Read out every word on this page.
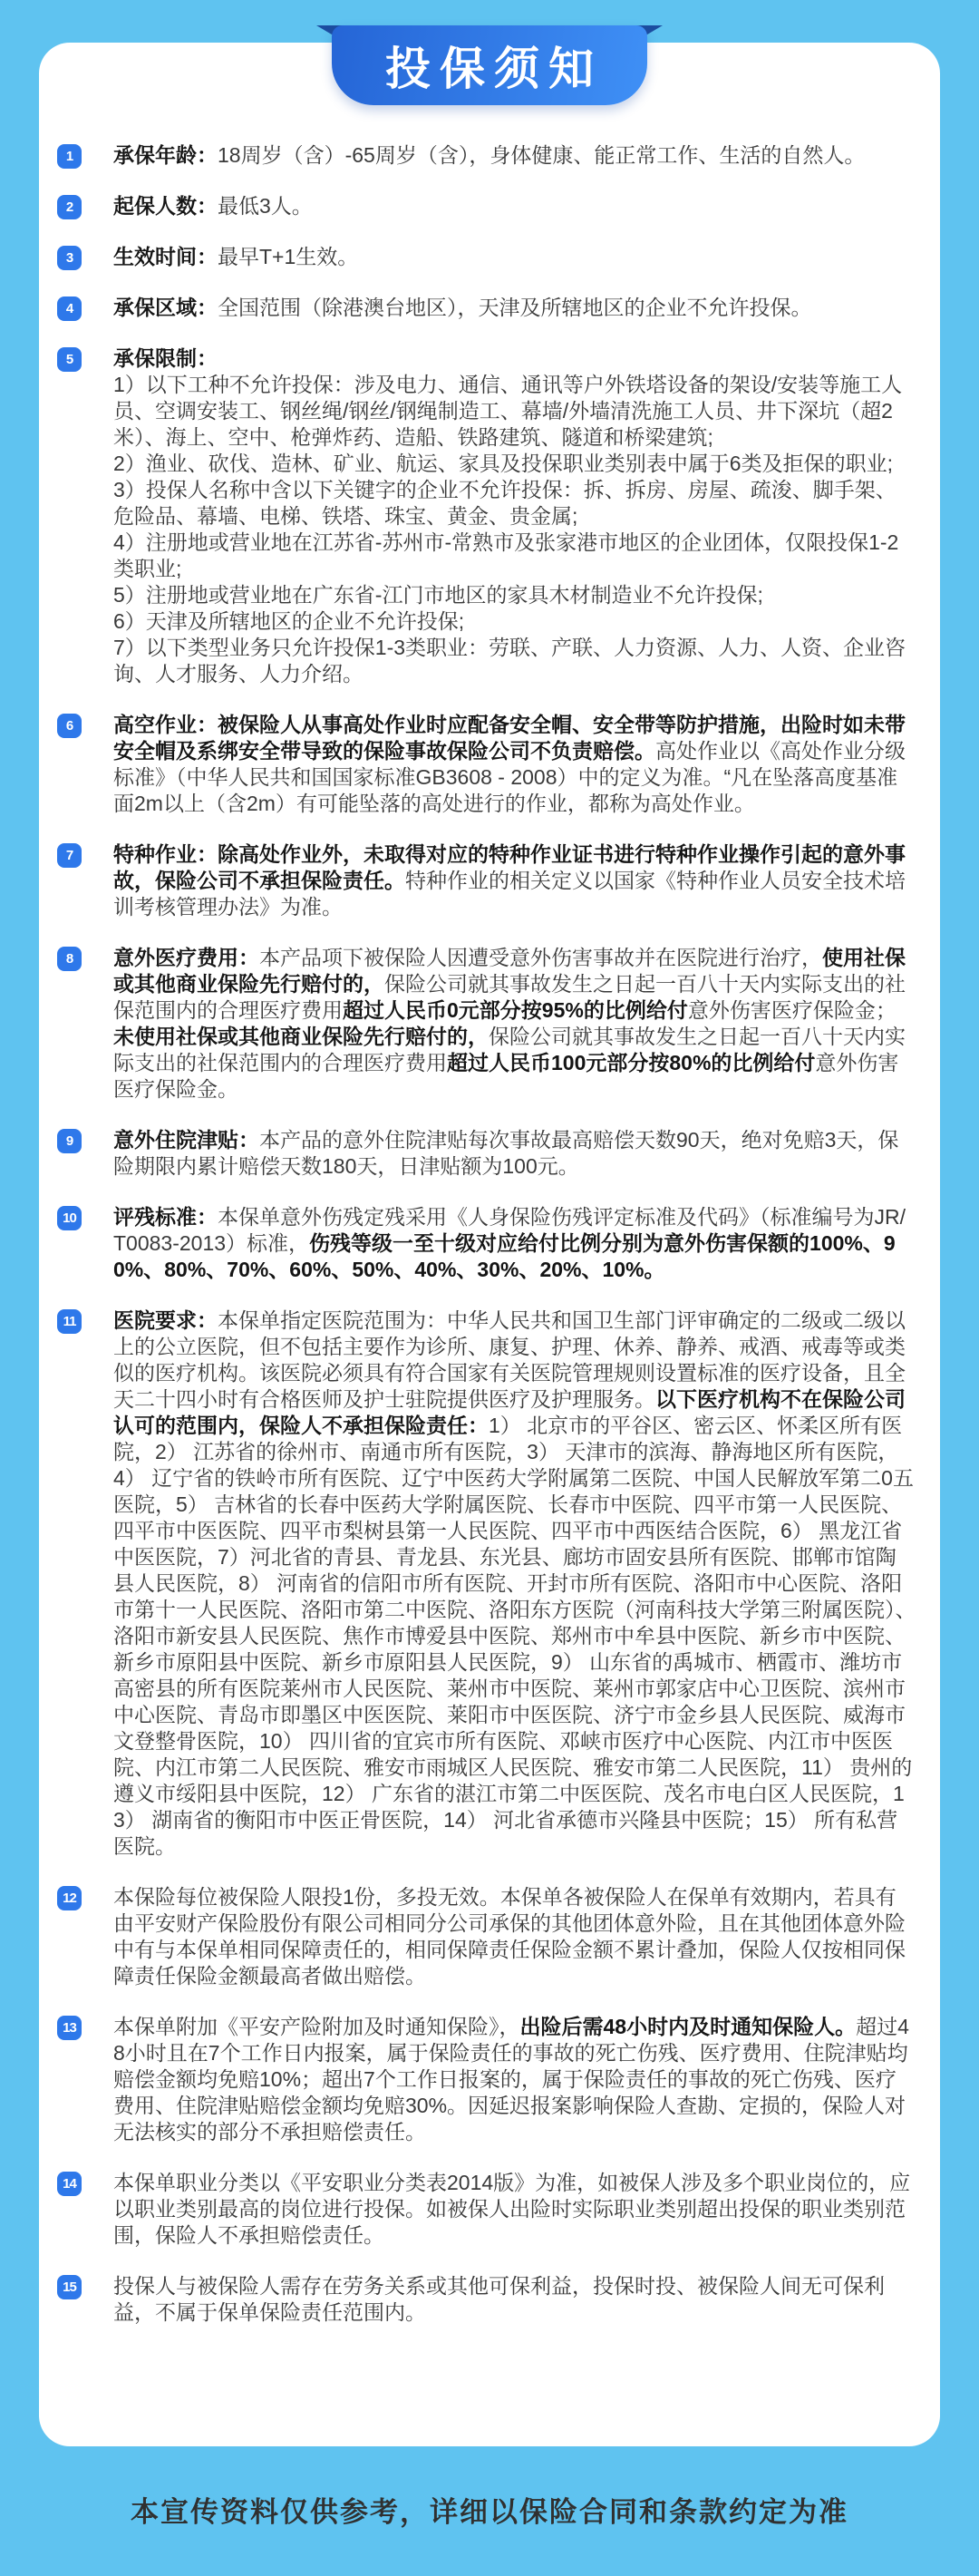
投保须知
1	承保年龄：18周岁（含）-65周岁（含），身体健康、能正常工作、生活的自然人。
2	起保人数：最低3人。
3	生效时间：最早T+1生效。
4	承保区域：全国范围（除港澳台地区），天津及所辖地区的企业不允许投保。
5	承保限制：
1）以下工种不允许投保：涉及电力、通信、通讯等户外铁塔设备的架设/安装等施工人员、空调安装工、钢丝绳/钢丝/钢绳制造工、幕墙/外墙清洗施工人员、井下深坑（超2米）、海上、空中、枪弹炸药、造船、铁路建筑、隧道和桥梁建筑;
2）渔业、砍伐、造林、矿业、航运、家具及投保职业类别表中属于6类及拒保的职业;
3）投保人名称中含以下关键字的企业不允许投保：拆、拆房、房屋、疏浚、脚手架、危险品、幕墙、电梯、铁塔、珠宝、黄金、贵金属;
4）注册地或营业地在江苏省-苏州市-常熟市及张家港市地区的企业团体，仅限投保1-2类职业;
5）注册地或营业地在广东省-江门市地区的家具木材制造业不允许投保;
6）天津及所辖地区的企业不允许投保;
7）以下类型业务只允许投保1-3类职业：劳联、产联、人力资源、人力、人资、企业咨询、人才服务、人力介绍。
6	高空作业：被保险人从事高处作业时应配备安全帽、安全带等防护措施，出险时如未带安全帽及系绑安全带导致的保险事故保险公司不负责赔偿。高处作业以《高处作业分级标准》（中华人民共和国国家标准GB3608 - 2008）中的定义为准。“凡在坠落高度基准面2m以上（含2m）有可能坠落的高处进行的作业，都称为高处作业。
7	特种作业：除高处作业外，未取得对应的特种作业证书进行特种作业操作引起的意外事故，保险公司不承担保险责任。特种作业的相关定义以国家《特种作业人员安全技术培训考核管理办法》为准。
8	意外医疗费用：本产品项下被保险人因遭受意外伤害事故并在医院进行治疗，使用社保或其他商业保险先行赔付的，保险公司就其事故发生之日起一百八十天内实际支出的社保范围内的合理医疗费用超过人民币0元部分按95%的比例给付意外伤害医疗保险金；未使用社保或其他商业保险先行赔付的，保险公司就其事故发生之日起一百八十天内实际支出的社保范围内的合理医疗费用超过人民币100元部分按80%的比例给付意外伤害医疗保险金。
9	意外住院津贴：本产品的意外住院津贴每次事故最高赔偿天数90天，绝对免赔3天，保险期限内累计赔偿天数180天，日津贴额为100元。
10 评残标准：本保单意外伤残定残采用《人身保险伤残评定标准及代码》（标准编号为JR/T0083-2013）标准，伤残等级一至十级对应给付比例分别为意外伤害保额的100%、90%、80%、70%、60%、50%、40%、30%、20%、10%。
11 医院要求：本保单指定医院范围为：中华人民共和国卫生部门评审确定的二级或二级以上的公立医院，但不包括主要作为诊所、康复、护理、休养、静养、戒酒、戒毒等或类似的医疗机构。该医院必须具有符合国家有关医院管理规则设置标准的医疗设备，且全天二十四小时有合格医师及护士驻院提供医疗及护理服务。以下医疗机构不在保险公司认可的范围内，保险人不承担保险责任：1） 北京市的平谷区、密云区、怀柔区所有医院，2） 江苏省的徐州市、南通市所有医院，3） 天津市的滨海、静海地区所有医院，4） 辽宁省的铁岭市所有医院、辽宁中医药大学附属第二医院、中国人民解放军第二0五医院，5） 吉林省的长春中医药大学附属医院、长春市中医院、四平市第一人民医院、四平市中医医院、四平市梨树县第一人民医院、四平市中西医结合医院，6） 黑龙江省中医医院，7）河北省的青县、青龙县、东光县、廊坊市固安县所有医院、邯郸市馆陶县人民医院，8） 河南省的信阳市所有医院、开封市所有医院、洛阳市中心医院、洛阳市第十一人民医院、洛阳市第二中医院、洛阳东方医院（河南科技大学第三附属医院）、洛阳市新安县人民医院、焦作市博爱县中医院、郑州市中牟县中医院、新乡市中医院、新乡市原阳县中医院、新乡市原阳县人民医院，9） 山东省的禹城市、栖霞市、潍坊市高密县的所有医院莱州市人民医院、莱州市中医院、莱州市郭家店中心卫医院、滨州市中心医院、青岛市即墨区中医医院、莱阳市中医医院、济宁市金乡县人民医院、威海市文登整骨医院，10） 四川省的宜宾市所有医院、邓峡市医疗中心医院、内江市中医医院、内江市第二人民医院、雅安市雨城区人民医院、雅安市第二人民医院，11） 贵州的遵义市绥阳县中医院，12） 广东省的湛江市第二中医医院、茂名市电白区人民医院，13） 湖南省的衡阳市中医正骨医院，14） 河北省承德市兴隆县中医院；15） 所有私营医院。
12 本保险每位被保险人限投1份，多投无效。本保单各被保险人在保单有效期内，若具有由平安财产保险股份有限公司相同分公司承保的其他团体意外险，且在其他团体意外险中有与本保单相同保障责任的，相同保障责任保险金额不累计叠加，保险人仅按相同保障责任保险金额最高者做出赔偿。
13 本保单附加《平安产险附加及时通知保险》，出险后需48小时内及时通知保险人。超过48小时且在7个工作日内报案，属于保险责任的事故的死亡伤残、医疗费用、住院津贴均赔偿金额均免赔10%；超出7个工作日报案的，属于保险责任的事故的死亡伤残、医疗费用、住院津贴赔偿金额均免赔30%。因延迟报案影响保险人查勘、定损的，保险人对无法核实的部分不承担赔偿责任。
14 本保单职业分类以《平安职业分类表2014版》为准，如被保人涉及多个职业岗位的，应以职业类别最高的岗位进行投保。如被保人出险时实际职业类别超出投保的职业类别范围，保险人不承担赔偿责任。
15 投保人与被保险人需存在劳务关系或其他可保利益，投保时投、被保险人间无可保利益，不属于保单保险责任范围内。
本宣传资料仅供参考，详细以保险合同和条款约定为准
